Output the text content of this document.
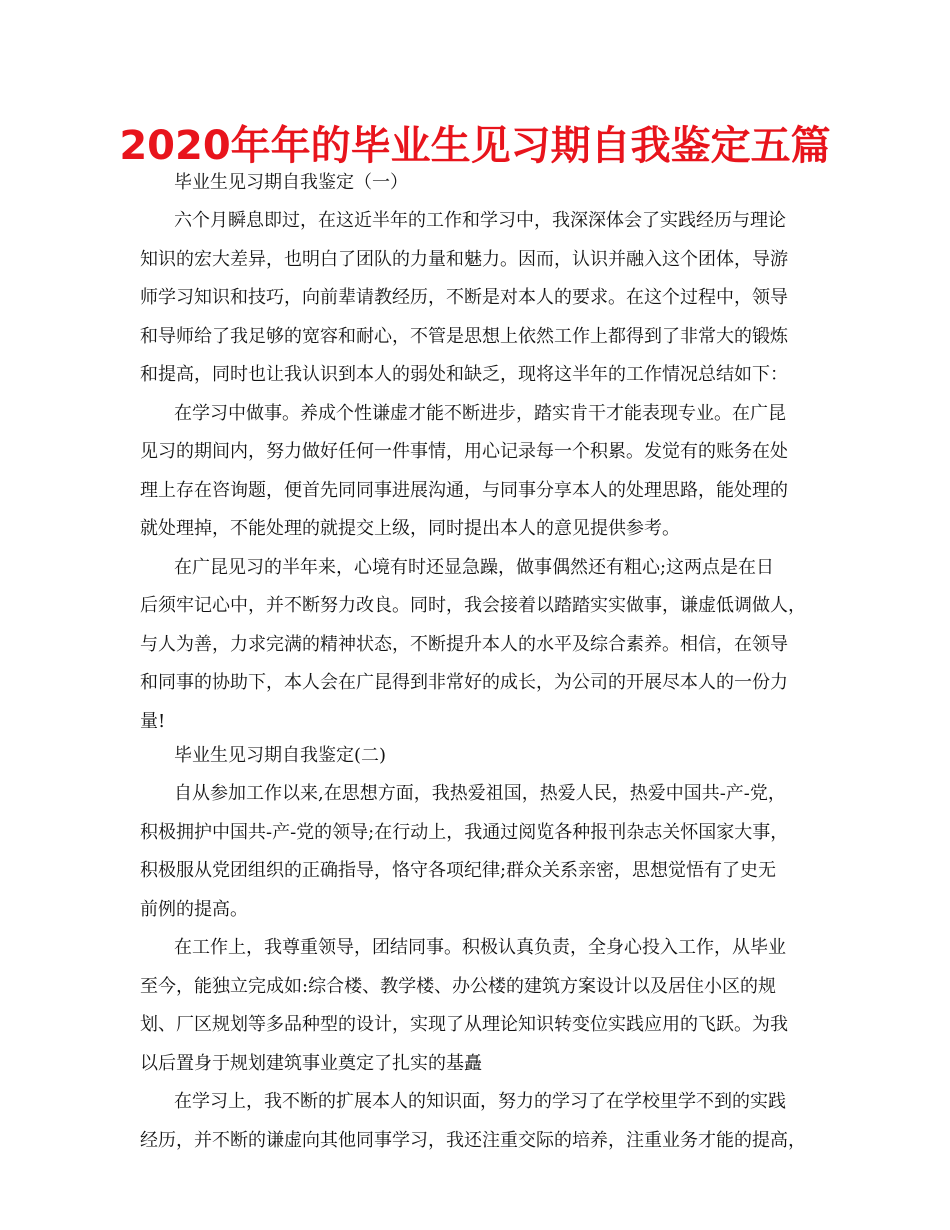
2020年年的毕业生见习期自我鉴定五篇
毕业生见习期自我鉴定（一）
六个月瞬息即过，在这近半年的工作和学习中，我深深体会了实践经历与理论
知识的宏大差异，也明白了团队的力量和魅力。因而，认识并融入这个团体，导游
师学习知识和技巧，向前辈请教经历，不断是对本人的要求。在这个过程中，领导
和导师给了我足够的宽容和耐心，不管是思想上依然工作上都得到了非常大的锻炼
和提高，同时也让我认识到本人的弱处和缺乏，现将这半年的工作情况总结如下：
在学习中做事。养成个性谦虚才能不断进步，踏实肯干才能表现专业。在广昆
见习的期间内，努力做好任何一件事情，用心记录每一个积累。发觉有的账务在处
理上存在咨询题，便首先同同事进展沟通，与同事分享本人的处理思路，能处理的
就处理掉，不能处理的就提交上级，同时提出本人的意见提供参考。
在广昆见习的半年来，心境有时还显急躁，做事偶然还有粗心;这两点是在日
后须牢记心中，并不断努力改良。同时，我会接着以踏踏实实做事，谦虚低调做人，
与人为善，力求完满的精神状态，不断提升本人的水平及综合素养。相信，在领导
和同事的协助下，本人会在广昆得到非常好的成长，为公司的开展尽本人的一份力
量!
毕业生见习期自我鉴定(二)
自从参加工作以来,在思想方面，我热爱祖国，热爱人民，热爱中国共-产-党，
积极拥护中国共-产-党的领导;在行动上，我通过阅览各种报刊杂志关怀国家大事，
积极服从党团组织的正确指导，恪守各项纪律;群众关系亲密，思想觉悟有了史无
前例的提高。
在工作上，我尊重领导，团结同事。积极认真负责，全身心投入工作，从毕业
至今，能独立完成如:综合楼、教学楼、办公楼的建筑方案设计以及居住小区的规
划、厂区规划等多品种型的设计，实现了从理论知识转变位实践应用的飞跃。为我
以后置身于规划建筑事业奠定了扎实的基矗
在学习上，我不断的扩展本人的知识面，努力的学习了在学校里学不到的实践
经历，并不断的谦虚向其他同事学习，我还注重交际的培养，注重业务才能的提高，
